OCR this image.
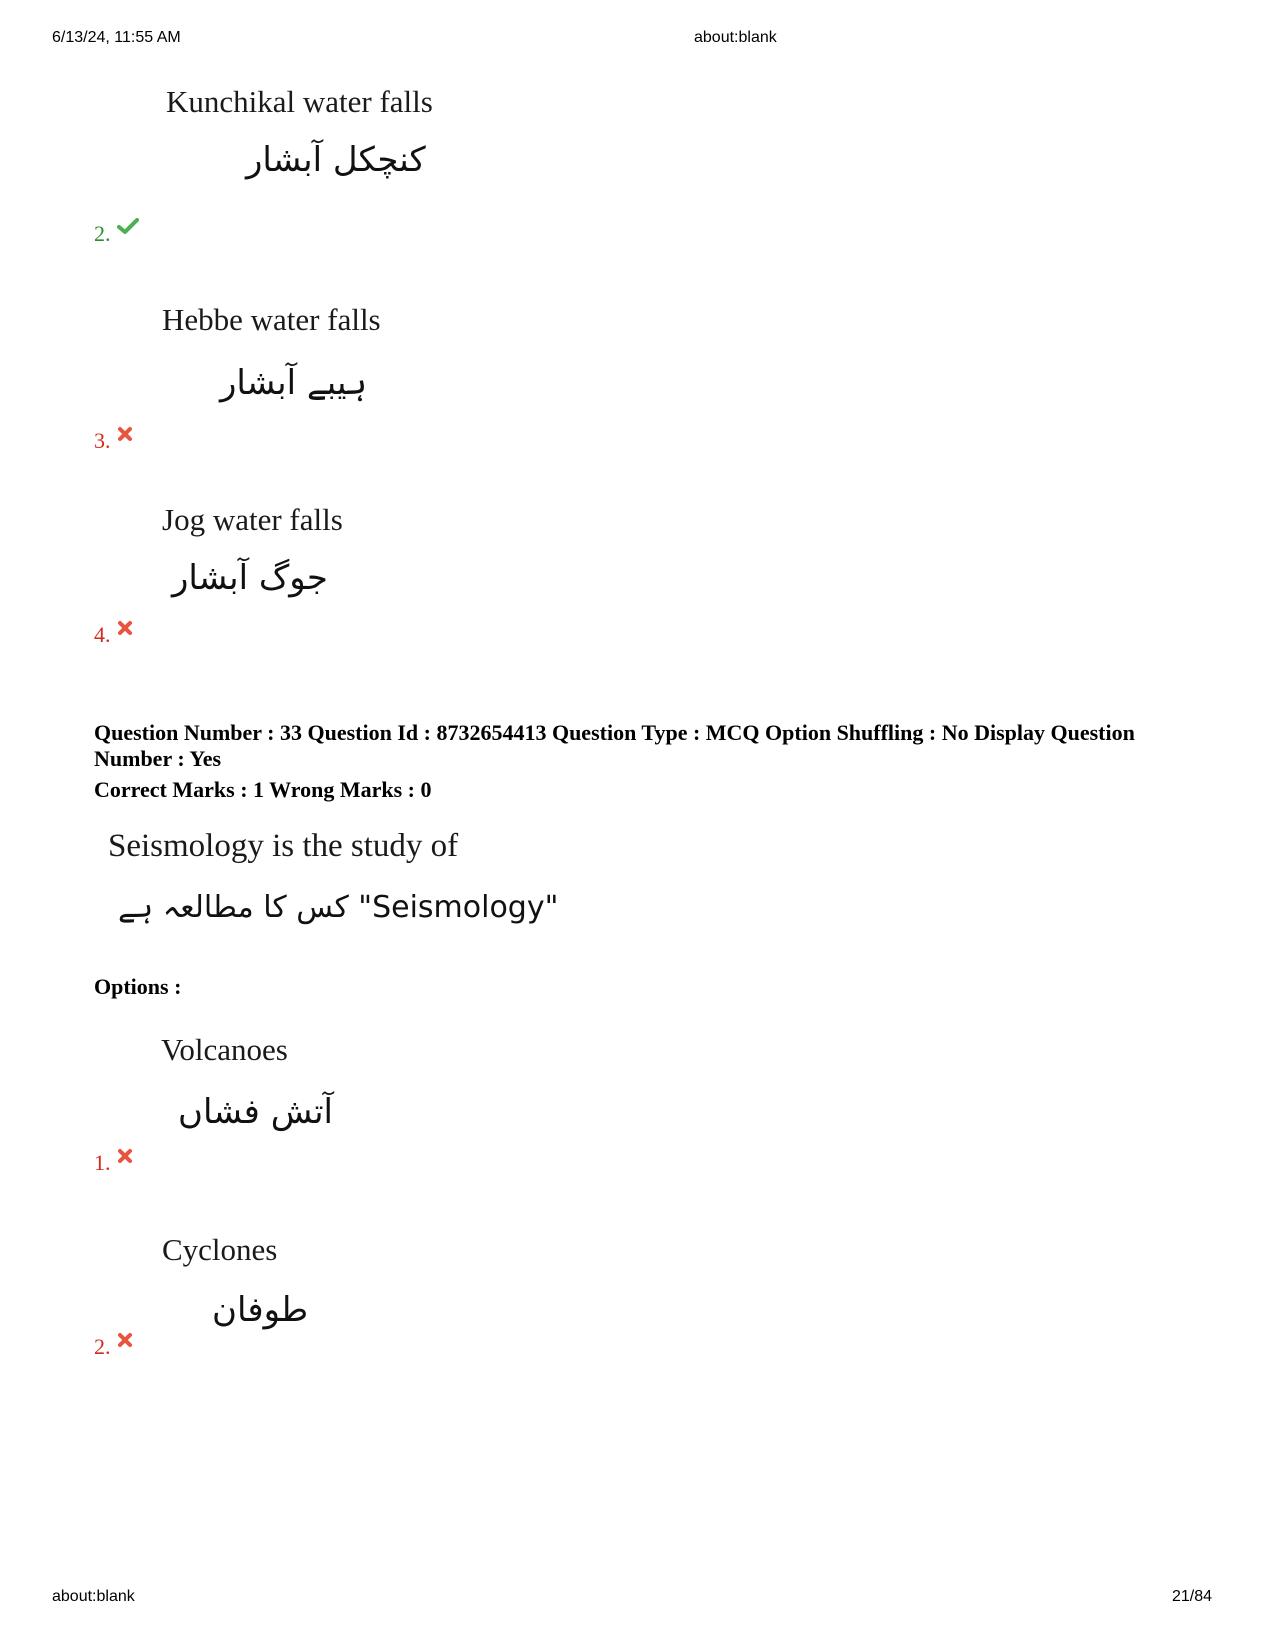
6/13/24, 11:55 AM	about:blank
Kunchikal water falls
کنچکل آبشار
2.
Hebbe water falls
ہیبے آبشار
3.
Jog water falls
جوگ آبشار
4.
Question Number : 33 Question Id : 8732654413 Question Type : MCQ Option Shuffling : No Display Question Number : Yes
Correct Marks : 1 Wrong Marks : 0
Seismology is the study of
"Seismology" کس کا مطالعہ ہے
Options :
Volcanoes
آتش فشاں
1.
Cyclones
طوفان
2.
about:blank	21/84
